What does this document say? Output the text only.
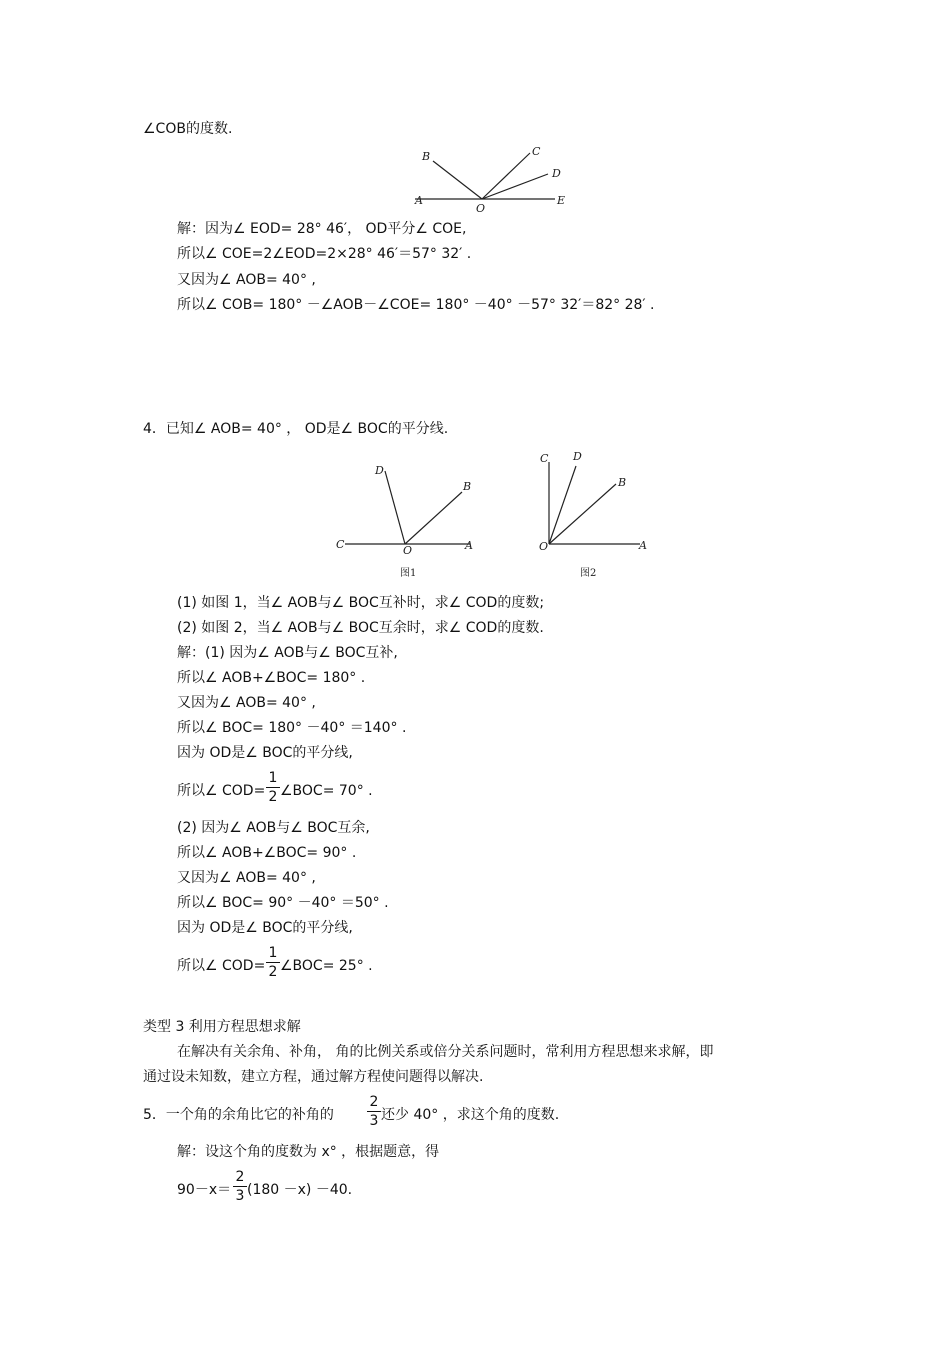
∠COB的度数.
B	C
D
A
O
E
解：因为∠ EOD= 28° 46′， OD平分∠ COE,
所以∠ COE=2∠EOD=2×28° 46′＝57° 32′ .
又因为∠ AOB= 40° ,
所以∠ COB= 180° －∠AOB－∠COE= 180° －40° －57° 32′＝82° 28′ .
4．已知∠ AOB= 40° ， OD是∠ BOC的平分线.
D
B
C	O	A
图1
C D
B
O	A
图2
(1) 如图 1，当∠ AOB与∠ BOC互补时，求∠ COD的度数;
(2) 如图 2，当∠ AOB与∠ BOC互余时，求∠ COD的度数.
解：(1) 因为∠ AOB与∠ BOC互补,
所以∠ AOB+∠BOC= 180° .
又因为∠ AOB= 40° ,
所以∠ BOC= 180° －40° ＝140° .
因为 OD是∠ BOC的平分线,
所以∠ COD=
1
2 ∠BOC= 70° .
(2) 因为∠ AOB与∠ BOC互余,
所以∠ AOB+∠BOC= 90° .
又因为∠ AOB= 40° ,
所以∠ BOC= 90° －40° ＝50° .
因为 OD是∠ BOC的平分线,
所以∠ COD=
1
2 ∠BOC= 25° .
类型 3 利用方程思想求解
在解决有关余角、补角， 角的比例关系或倍分关系问题时，常利用方程思想来求解，即
通过设未知数，建立方程，通过解方程使问题得以解决.
5．一个角的余角比它的补角的
2
3 还少 40° ，求这个角的度数.
解：设这个角的度数为 x° ，根据题意，得
90－x＝
2
3 (180 －x) －40.
